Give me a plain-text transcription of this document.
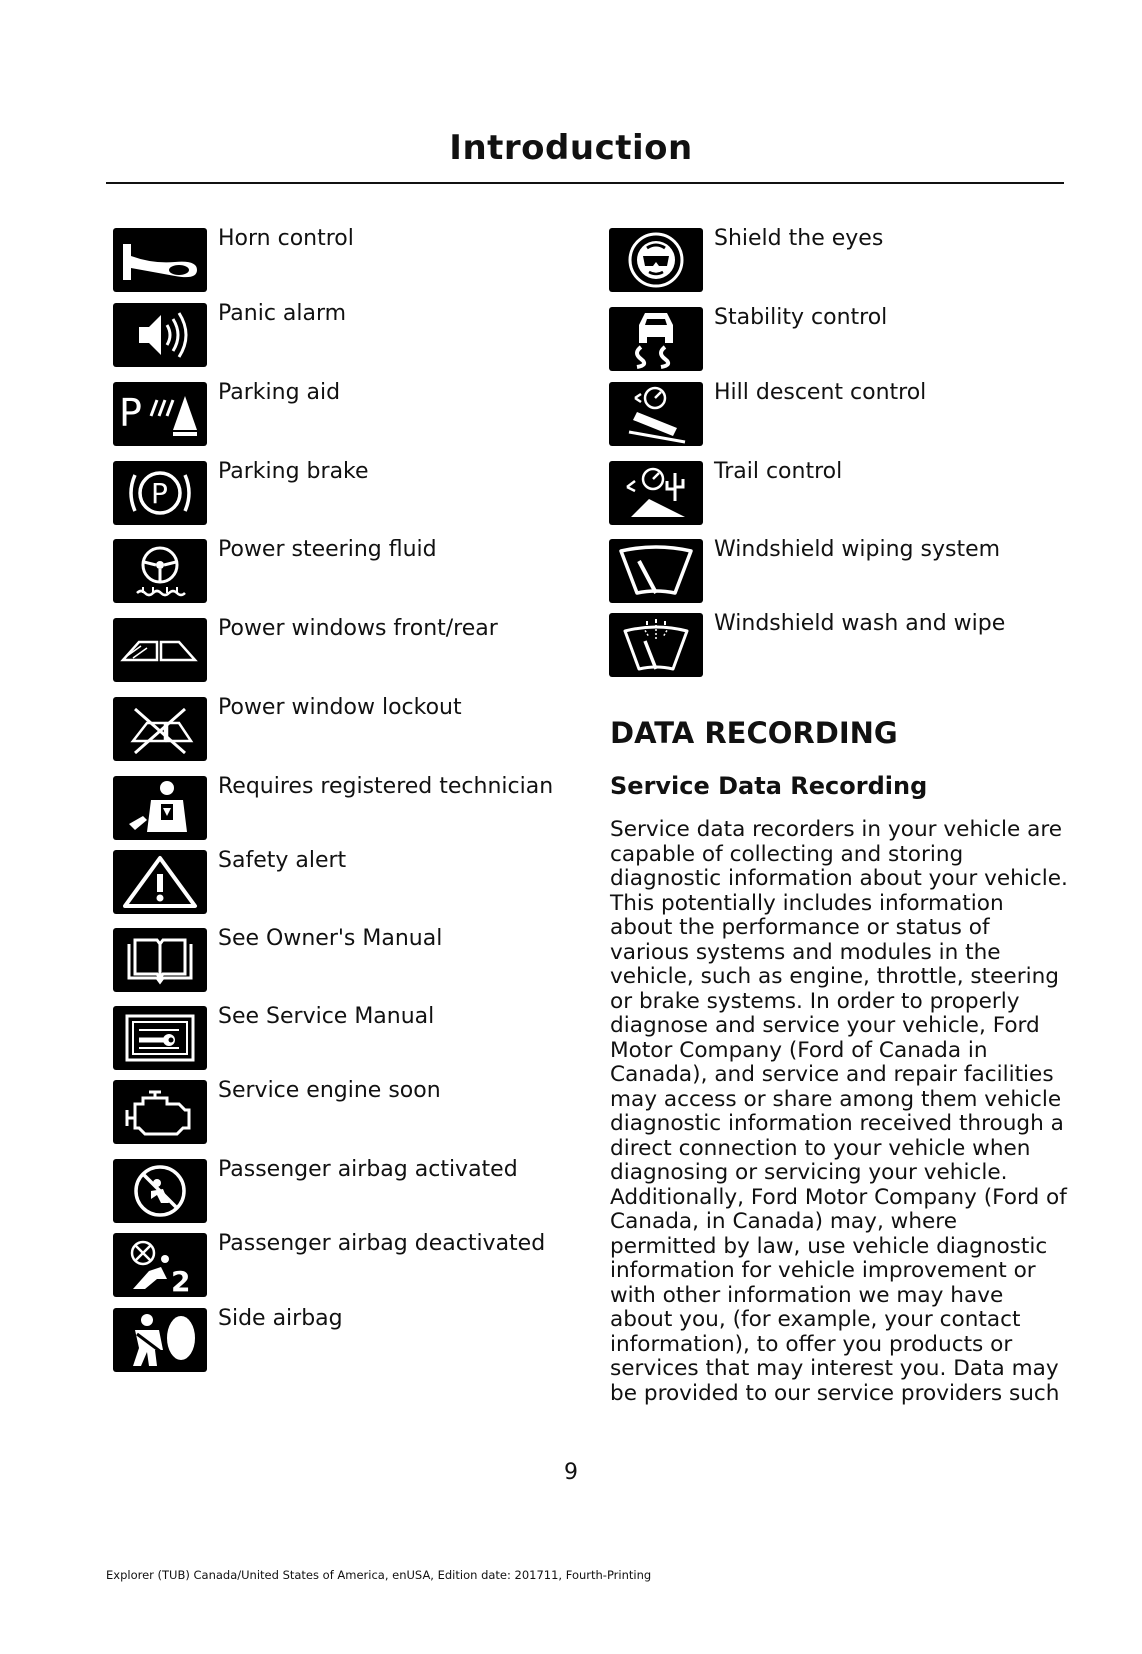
Introduction
Horn control
Panic alarm
P	Parking aid
P
Parking brake
Power steering fluid
Power windows front/rear
Power window lockout
Requires registered technician
Safety alert
See Owner's Manual
See Service Manual
Service engine soon
Passenger airbag activated
2
Passenger airbag deactivated
Side airbag
Shield the eyes
Stability control
Hill descent control
Trail control
Windshield wiping system
Windshield wash and wipe
DATA RECORDING
Service Data Recording
Service data recorders in your vehicle are capable of collecting and storing diagnostic information about your vehicle. This potentially includes information about the performance or status of various systems and modules in the vehicle, such as engine, throttle, steering or brake systems. In order to properly diagnose and service your vehicle, Ford Motor Company (Ford of Canada in Canada), and service and repair facilities may access or share among them vehicle diagnostic information received through a direct connection to your vehicle when diagnosing or servicing your vehicle. Additionally, Ford Motor Company (Ford of Canada, in Canada) may, where permitted by law, use vehicle diagnostic information for vehicle improvement or with other information we may have about you, (for example, your contact information), to offer you products or services that may interest you. Data may be provided to our service providers such
9
Explorer (TUB) Canada/United States of America, enUSA, Edition date: 201711, Fourth-Printing
